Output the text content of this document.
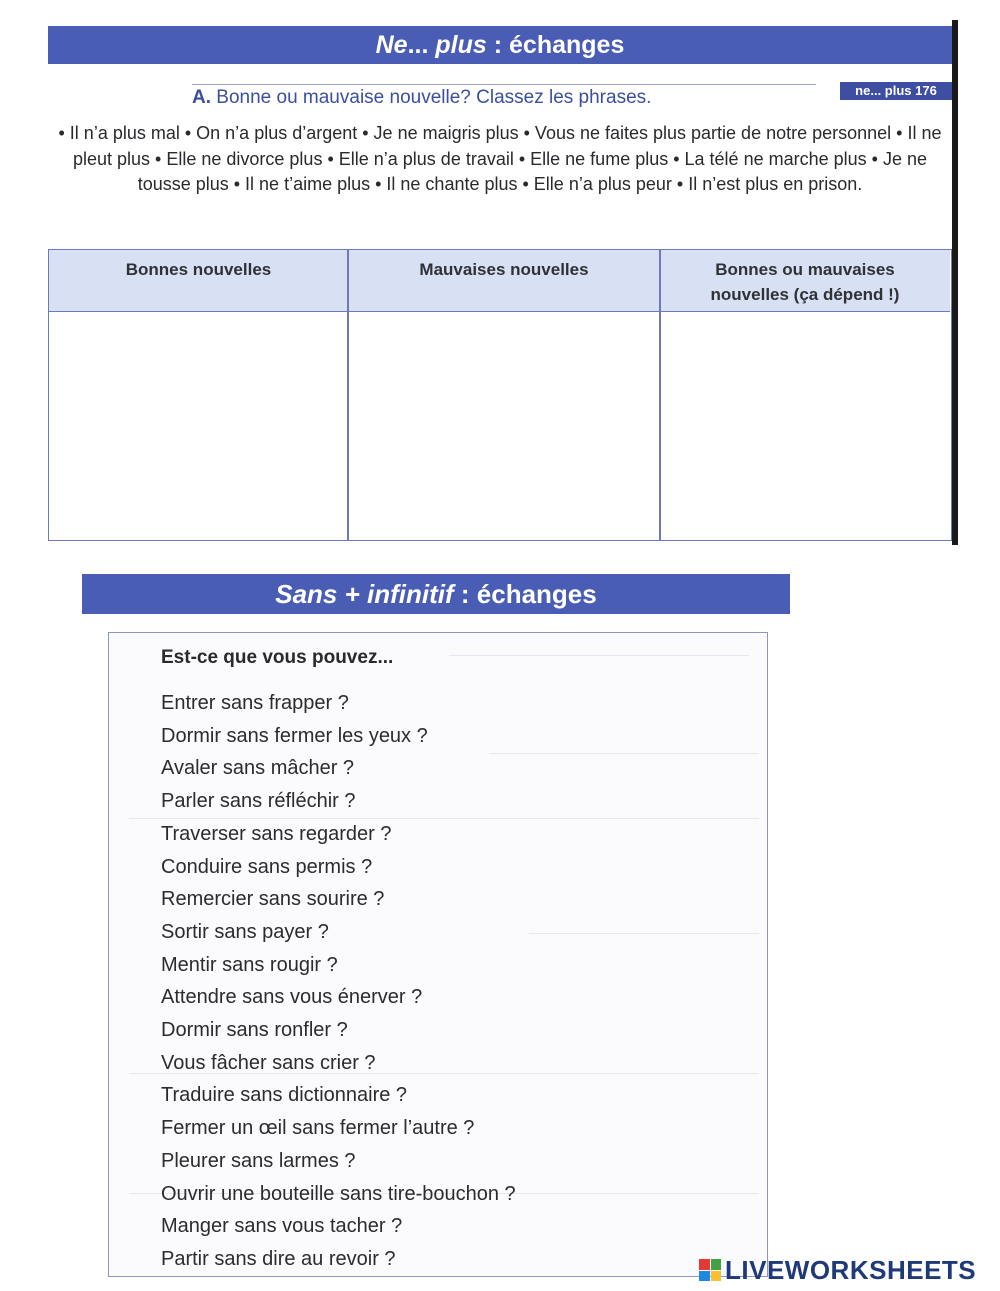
Ne... plus : échanges
A. Bonne ou mauvaise nouvelle? Classez les phrases.	ne... plus 176
• Il n’a plus mal • On n’a plus d’argent • Je ne maigris plus • Vous ne faites plus partie de notre personnel • Il ne pleut plus • Elle ne divorce plus • Elle n’a plus de travail • Elle ne fume plus • La télé ne marche plus • Je ne tousse plus • Il ne t’aime plus • Il ne chante plus • Elle n’a plus peur • Il n’est plus en prison.
Bonnes nouvelles	Mauvaises nouvelles	Bonnes ou mauvaises
nouvelles (ça dépend !)
Sans + infinitif : échanges
Est-ce que vous pouvez...
Entrer sans frapper ?
Dormir sans fermer les yeux ?
Avaler sans mâcher ?
Parler sans réfléchir ?
Traverser sans regarder ?
Conduire sans permis ?
Remercier sans sourire ?
Sortir sans payer ?
Mentir sans rougir ?
Attendre sans vous énerver ?
Dormir sans ronfler ?
Vous fâcher sans crier ?
Traduire sans dictionnaire ?
Fermer un œil sans fermer l’autre ?
Pleurer sans larmes ?
Ouvrir une bouteille sans tire-bouchon ?
Manger sans vous tacher ?
Partir sans dire au revoir ?	LIVEWORKSHEETS
